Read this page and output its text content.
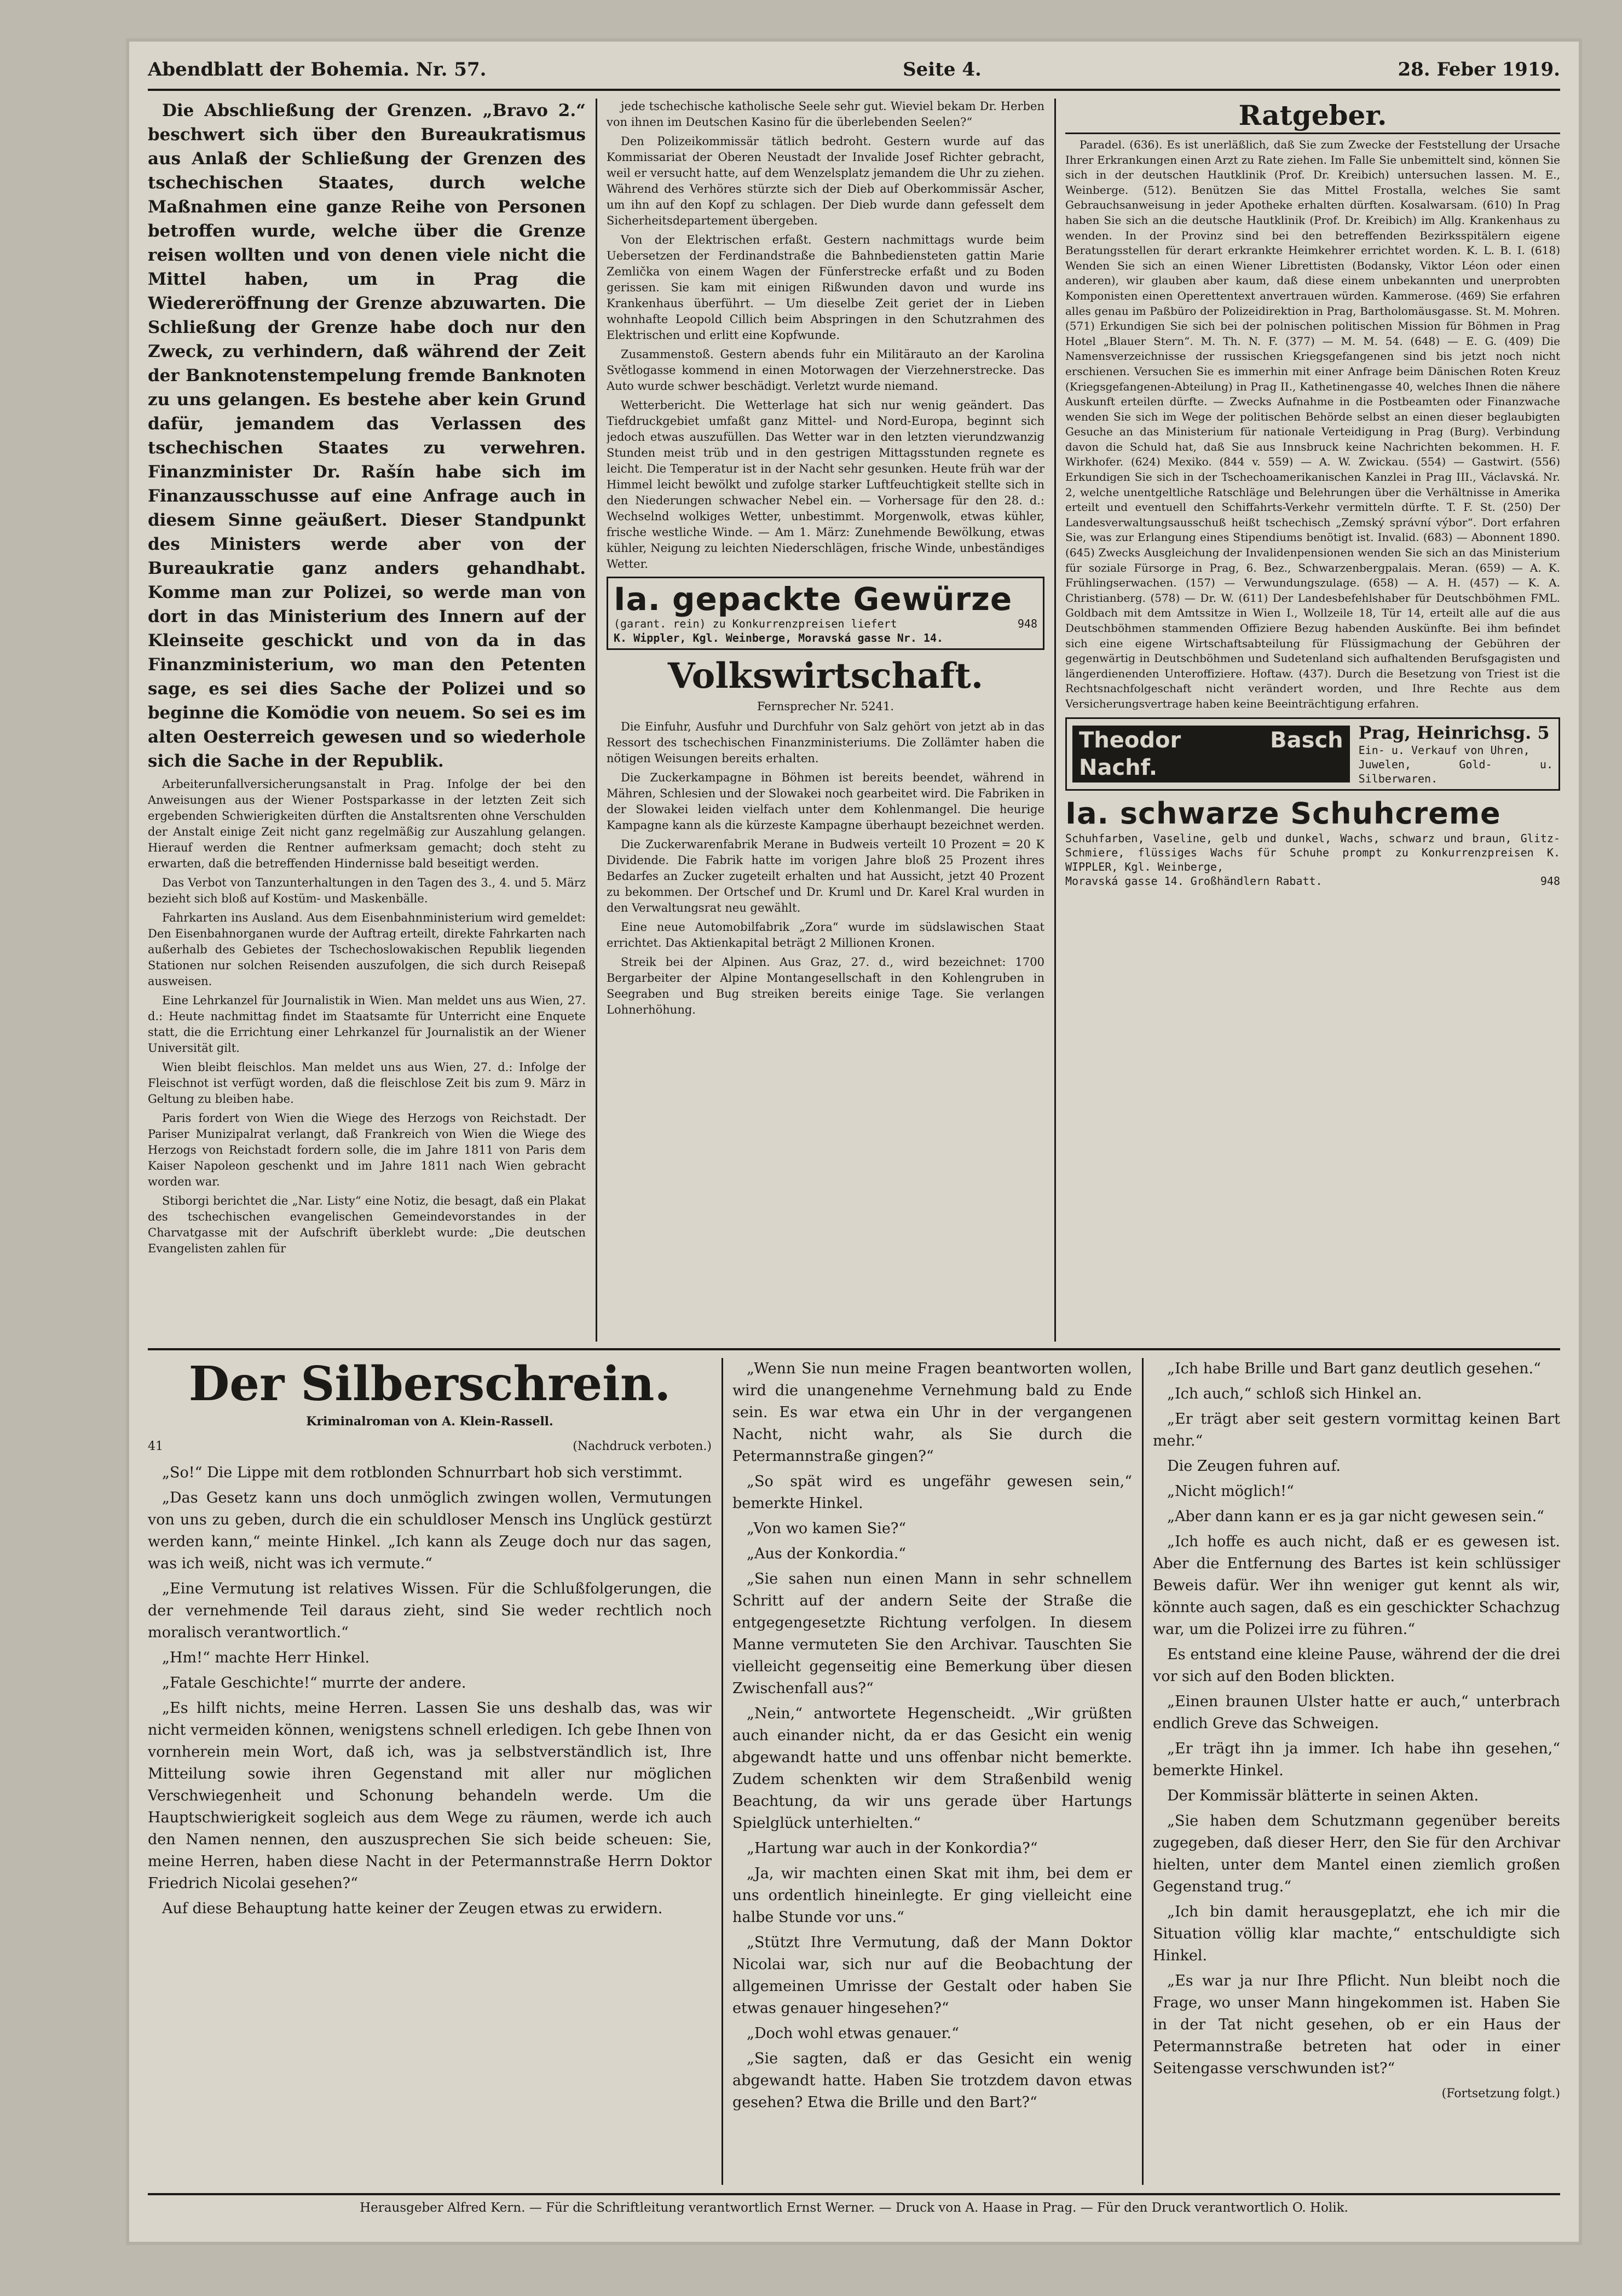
Abendblatt der Bohemia. Nr. 57.	Seite 4.	28. Feber 1919.

Die Abschließung der Grenzen. „Bravo 2.“ beschwert sich über den Bureaukratismus aus Anlaß der Schließung der Grenzen des tschechischen Staates, durch welche Maßnahmen eine ganze Reihe von Personen betroffen wurde, welche über die Grenze reisen wollten und von denen viele nicht die Mittel haben, um in Prag die Wiedereröffnung der Grenze abzuwarten. Die Schließung der Grenze habe doch nur den Zweck, zu verhindern, daß während der Zeit der Banknotenstempelung fremde Banknoten zu uns gelangen. Es bestehe aber kein Grund dafür, jemandem das Verlassen des tschechischen Staates zu verwehren. Finanzminister Dr. Rašín habe sich im Finanzausschusse auf eine Anfrage auch in diesem Sinne geäußert. Dieser Standpunkt des Ministers werde aber von der Bureaukratie ganz anders gehandhabt. Komme man zur Polizei, so werde man von dort in das Ministerium des Innern auf der Kleinseite geschickt und von da in das Finanzministerium, wo man den Petenten sage, es sei dies Sache der Polizei und so beginne die Komödie von neuem. So sei es im alten Oesterreich gewesen und so wiederhole sich die Sache in der Republik.

Arbeiterunfallversicherungsanstalt in Prag. Infolge der bei den Anweisungen aus der Wiener Postsparkasse in der letzten Zeit sich ergebenden Schwierigkeiten dürften die Anstaltsrenten ohne Verschulden der Anstalt einige Zeit nicht ganz regelmäßig zur Auszahlung gelangen. Hierauf werden die Rentner aufmerksam gemacht; doch steht zu erwarten, daß die betreffenden Hindernisse bald beseitigt werden.

Das Verbot von Tanzunterhaltungen in den Tagen des 3., 4. und 5. März bezieht sich bloß auf Kostüm- und Maskenbälle.

Fahrkarten ins Ausland. Aus dem Eisenbahnministerium wird gemeldet: Den Eisenbahnorganen wurde der Auftrag erteilt, direkte Fahrkarten nach außerhalb des Gebietes der Tschechoslowakischen Republik liegenden Stationen nur solchen Reisenden auszufolgen, die sich durch Reisepaß ausweisen.

Eine Lehrkanzel für Journalistik in Wien. Man meldet uns aus Wien, 27. d.: Heute nachmittag findet im Staatsamte für Unterricht eine Enquete statt, die die Errichtung einer Lehrkanzel für Journalistik an der Wiener Universität gilt.

Wien bleibt fleischlos. Man meldet uns aus Wien, 27. d.: Infolge der Fleischnot ist verfügt worden, daß die fleischlose Zeit bis zum 9. März in Geltung zu bleiben habe.

Paris fordert von Wien die Wiege des Herzogs von Reichstadt. Der Pariser Munizipalrat verlangt, daß Frankreich von Wien die Wiege des Herzogs von Reichstadt fordern solle, die im Jahre 1811 von Paris dem Kaiser Napoleon geschenkt und im Jahre 1811 nach Wien gebracht worden war.

Stiborgi berichtet die „Nar. Listy“ eine Notiz, die besagt, daß ein Plakat des tschechischen evangelischen Gemeindevorstandes in der Charvatgasse mit der Aufschrift überklebt wurde: „Die deutschen Evangelisten zahlen für

jede tschechische katholische Seele sehr gut. Wieviel bekam Dr. Herben von ihnen im Deutschen Kasino für die überlebenden Seelen?“

Den Polizeikommissär tätlich bedroht. Gestern wurde auf das Kommissariat der Oberen Neustadt der Invalide Josef Richter gebracht, weil er versucht hatte, auf dem Wenzelsplatz jemandem die Uhr zu ziehen. Während des Verhöres stürzte sich der Dieb auf Oberkommissär Ascher, um ihn auf den Kopf zu schlagen. Der Dieb wurde dann gefesselt dem Sicherheitsdepartement übergeben.

Von der Elektrischen erfaßt. Gestern nachmittags wurde beim Uebersetzen der Ferdinandstraße die Bahnbediensteten gattin Marie Zemlička von einem Wagen der Fünferstrecke erfaßt und zu Boden gerissen. Sie kam mit einigen Rißwunden davon und wurde ins Krankenhaus überführt. — Um dieselbe Zeit geriet der in Lieben wohnhafte Leopold Cillich beim Abspringen in den Schutzrahmen des Elektrischen und erlitt eine Kopfwunde.

Zusammenstoß. Gestern abends fuhr ein Militärauto an der Karolina Světlogasse kommend in einen Motorwagen der Vierzehnerstrecke. Das Auto wurde schwer beschädigt. Verletzt wurde niemand.

Wetterbericht. Die Wetterlage hat sich nur wenig geändert. Das Tiefdruckgebiet umfaßt ganz Mittel- und Nord-Europa, beginnt sich jedoch etwas auszufüllen. Das Wetter war in den letzten vierundzwanzig Stunden meist trüb und in den gestrigen Mittagsstunden regnete es leicht. Die Temperatur ist in der Nacht sehr gesunken. Heute früh war der Himmel leicht bewölkt und zufolge starker Luftfeuchtigkeit stellte sich in den Niederungen schwacher Nebel ein. — Vorhersage für den 28. d.: Wechselnd wolkiges Wetter, unbestimmt. Morgenwolk, etwas kühler, frische westliche Winde. — Am 1. März: Zunehmende Bewölkung, etwas kühler, Neigung zu leichten Niederschlägen, frische Winde, unbeständiges Wetter.

Ia. gepackte Gewürze
(garant. rein) zu Konkurrenzpreisen liefert	948
K. Wippler, Kgl. Weinberge, Moravská gasse Nr. 14.
Volkswirtschaft.
Fernsprecher Nr. 5241.

Die Einfuhr, Ausfuhr und Durchfuhr von Salz gehört von jetzt ab in das Ressort des tschechischen Finanzministeriums. Die Zollämter haben die nötigen Weisungen bereits erhalten.

Die Zuckerkampagne in Böhmen ist bereits beendet, während in Mähren, Schlesien und der Slowakei noch gearbeitet wird. Die Fabriken in der Slowakei leiden vielfach unter dem Kohlenmangel. Die heurige Kampagne kann als die kürzeste Kampagne überhaupt bezeichnet werden.

Die Zuckerwarenfabrik Merane in Budweis verteilt 10 Prozent = 20 K Dividende. Die Fabrik hatte im vorigen Jahre bloß 25 Prozent ihres Bedarfes an Zucker zugeteilt erhalten und hat Aussicht, jetzt 40 Prozent zu bekommen. Der Ortschef und Dr. Kruml und Dr. Karel Kral wurden in den Verwaltungsrat neu gewählt.

Eine neue Automobilfabrik „Zora“ wurde im südslawischen Staat errichtet. Das Aktienkapital beträgt 2 Millionen Kronen.

Streik bei der Alpinen. Aus Graz, 27. d., wird bezeichnet: 1700 Bergarbeiter der Alpine Montangesellschaft in den Kohlengruben in Seegraben und Bug streiken bereits einige Tage. Sie verlangen Lohnerhöhung.

Ratgeber.

Paradel. (636). Es ist unerläßlich, daß Sie zum Zwecke der Feststellung der Ursache Ihrer Erkrankungen einen Arzt zu Rate ziehen. Im Falle Sie unbemittelt sind, können Sie sich in der deutschen Hautklinik (Prof. Dr. Kreibich) untersuchen lassen. M. E., Weinberge. (512). Benützen Sie das Mittel Frostalla, welches Sie samt Gebrauchsanweisung in jeder Apotheke erhalten dürften. Kosalwarsam. (610) In Prag haben Sie sich an die deutsche Hautklinik (Prof. Dr. Kreibich) im Allg. Krankenhaus zu wenden. In der Provinz sind bei den betreffenden Bezirksspitälern eigene Beratungsstellen für derart erkrankte Heimkehrer errichtet worden. K. L. B. I. (618) Wenden Sie sich an einen Wiener Librettisten (Bodansky, Viktor Léon oder einen anderen), wir glauben aber kaum, daß diese einem unbekannten und unerprobten Komponisten einen Operettentext anvertrauen würden. Kammerose. (469) Sie erfahren alles genau im Paßbüro der Polizeidirektion in Prag, Bartholomäusgasse. St. M. Mohren. (571) Erkundigen Sie sich bei der polnischen politischen Mission für Böhmen in Prag Hotel „Blauer Stern“. M. Th. N. F. (377) — M. M. 54. (648) — E. G. (409) Die Namensverzeichnisse der russischen Kriegsgefangenen sind bis jetzt noch nicht erschienen. Versuchen Sie es immerhin mit einer Anfrage beim Dänischen Roten Kreuz (Kriegsgefangenen-Abteilung) in Prag II., Kathetinengasse 40, welches Ihnen die nähere Auskunft erteilen dürfte. — Zwecks Aufnahme in die Postbeamten oder Finanzwache wenden Sie sich im Wege der politischen Behörde selbst an einen dieser beglaubigten Gesuche an das Ministerium für nationale Verteidigung in Prag (Burg). Verbindung davon die Schuld hat, daß Sie aus Innsbruck keine Nachrichten bekommen. H. F. Wirkhofer. (624) Mexiko. (844 v. 559) — A. W. Zwickau. (554) — Gastwirt. (556) Erkundigen Sie sich in der Tschechoamerikanischen Kanzlei in Prag III., Václavská. Nr. 2, welche unentgeltliche Ratschläge und Belehrungen über die Verhältnisse in Amerika erteilt und eventuell den Schiffahrts-Verkehr vermitteln dürfte. T. F. St. (250) Der Landesverwaltungsausschuß heißt tschechisch „Zemský správní výbor“. Dort erfahren Sie, was zur Erlangung eines Stipendiums benötigt ist. Invalid. (683) — Abonnent 1890. (645) Zwecks Ausgleichung der Invalidenpensionen wenden Sie sich an das Ministerium für soziale Fürsorge in Prag, 6. Bez., Schwarzenbergpalais. Meran. (659) — A. K. Frühlingserwachen. (157) — Verwundungszulage. (658) — A. H. (457) — K. A. Christianberg. (578) — Dr. W. (611) Der Landesbefehlshaber für Deutschböhmen FML. Goldbach mit dem Amtssitze in Wien I., Wollzeile 18, Tür 14, erteilt alle auf die aus Deutschböhmen stammenden Offiziere Bezug habenden Auskünfte. Bei ihm befindet sich eine eigene Wirtschaftsabteilung für Flüssigmachung der Gebühren der gegenwärtig in Deutschböhmen und Sudetenland sich aufhaltenden Berufsgagisten und längerdienenden Unteroffiziere. Hoftaw. (437). Durch die Besetzung von Triest ist die Rechtsnachfolgeschaft nicht verändert worden, und Ihre Rechte aus dem Versicherungsvertrage haben keine Beeinträchtigung erfahren.

Theodor Basch Nachf.
Prag, Heinrichsg. 5
Ein- u. Verkauf von Uhren,
Juwelen, Gold- u. Silberwaren.
Ia. schwarze Schuhcreme
Schuhfarben, Vaseline, gelb und dunkel, Wachs, schwarz und braun, Glitz-Schmiere, flüssiges Wachs für Schuhe prompt zu Konkurrenzpreisen K. WIPPLER, Kgl. Weinberge,
Moravská gasse 14. Großhändlern Rabatt.	948
Der Silberschrein.
Kriminalroman von A. Klein-Rassell.
41	(Nachdruck verboten.)

„So!“ Die Lippe mit dem rotblonden Schnurrbart hob sich verstimmt.

„Das Gesetz kann uns doch unmöglich zwingen wollen, Vermutungen von uns zu geben, durch die ein schuldloser Mensch ins Unglück gestürzt werden kann,“ meinte Hinkel. „Ich kann als Zeuge doch nur das sagen, was ich weiß, nicht was ich vermute.“

„Eine Vermutung ist relatives Wissen. Für die Schlußfolgerungen, die der vernehmende Teil daraus zieht, sind Sie weder rechtlich noch moralisch verantwortlich.“

„Hm!“ machte Herr Hinkel.

„Fatale Geschichte!“ murrte der andere.

„Es hilft nichts, meine Herren. Lassen Sie uns deshalb das, was wir nicht vermeiden können, wenigstens schnell erledigen. Ich gebe Ihnen von vornherein mein Wort, daß ich, was ja selbstverständlich ist, Ihre Mitteilung sowie ihren Gegenstand mit aller nur möglichen Verschwiegenheit und Schonung behandeln werde. Um die Hauptschwierigkeit sogleich aus dem Wege zu räumen, werde ich auch den Namen nennen, den auszusprechen Sie sich beide scheuen: Sie, meine Herren, haben diese Nacht in der Petermannstraße Herrn Doktor Friedrich Nicolai gesehen?“

Auf diese Behauptung hatte keiner der Zeugen etwas zu erwidern.

„Wenn Sie nun meine Fragen beantworten wollen, wird die unangenehme Vernehmung bald zu Ende sein. Es war etwa ein Uhr in der vergangenen Nacht, nicht wahr, als Sie durch die Petermannstraße gingen?“

„So spät wird es ungefähr gewesen sein,“ bemerkte Hinkel.

„Von wo kamen Sie?“

„Aus der Konkordia.“

„Sie sahen nun einen Mann in sehr schnellem Schritt auf der andern Seite der Straße die entgegengesetzte Richtung verfolgen. In diesem Manne vermuteten Sie den Archivar. Tauschten Sie vielleicht gegenseitig eine Bemerkung über diesen Zwischenfall aus?“

„Nein,“ antwortete Hegenscheidt. „Wir grüßten auch einander nicht, da er das Gesicht ein wenig abgewandt hatte und uns offenbar nicht bemerkte. Zudem schenkten wir dem Straßenbild wenig Beachtung, da wir uns gerade über Hartungs Spielglück unterhielten.“

„Hartung war auch in der Konkordia?“

„Ja, wir machten einen Skat mit ihm, bei dem er uns ordentlich hineinlegte. Er ging vielleicht eine halbe Stunde vor uns.“

„Stützt Ihre Vermutung, daß der Mann Doktor Nicolai war, sich nur auf die Beobachtung der allgemeinen Umrisse der Gestalt oder haben Sie etwas genauer hingesehen?“

„Doch wohl etwas genauer.“

„Sie sagten, daß er das Gesicht ein wenig abgewandt hatte. Haben Sie trotzdem davon etwas gesehen? Etwa die Brille und den Bart?“

„Ich habe Brille und Bart ganz deutlich gesehen.“

„Ich auch,“ schloß sich Hinkel an.

„Er trägt aber seit gestern vormittag keinen Bart mehr.“

Die Zeugen fuhren auf.

„Nicht möglich!“

„Aber dann kann er es ja gar nicht gewesen sein.“

„Ich hoffe es auch nicht, daß er es gewesen ist. Aber die Entfernung des Bartes ist kein schlüssiger Beweis dafür. Wer ihn weniger gut kennt als wir, könnte auch sagen, daß es ein geschickter Schachzug war, um die Polizei irre zu führen.“

Es entstand eine kleine Pause, während der die drei vor sich auf den Boden blickten.

„Einen braunen Ulster hatte er auch,“ unterbrach endlich Greve das Schweigen.

„Er trägt ihn ja immer. Ich habe ihn gesehen,“ bemerkte Hinkel.

Der Kommissär blätterte in seinen Akten.

„Sie haben dem Schutzmann gegenüber bereits zugegeben, daß dieser Herr, den Sie für den Archivar hielten, unter dem Mantel einen ziemlich großen Gegenstand trug.“

„Ich bin damit herausgeplatzt, ehe ich mir die Situation völlig klar machte,“ entschuldigte sich Hinkel.

„Es war ja nur Ihre Pflicht. Nun bleibt noch die Frage, wo unser Mann hingekommen ist. Haben Sie in der Tat nicht gesehen, ob er ein Haus der Petermannstraße betreten hat oder in einer Seitengasse verschwunden ist?“

(Fortsetzung folgt.)
Herausgeber Alfred Kern. — Für die Schriftleitung verantwortlich Ernst Werner. — Druck von A. Haase in Prag. — Für den Druck verantwortlich O. Holik.
